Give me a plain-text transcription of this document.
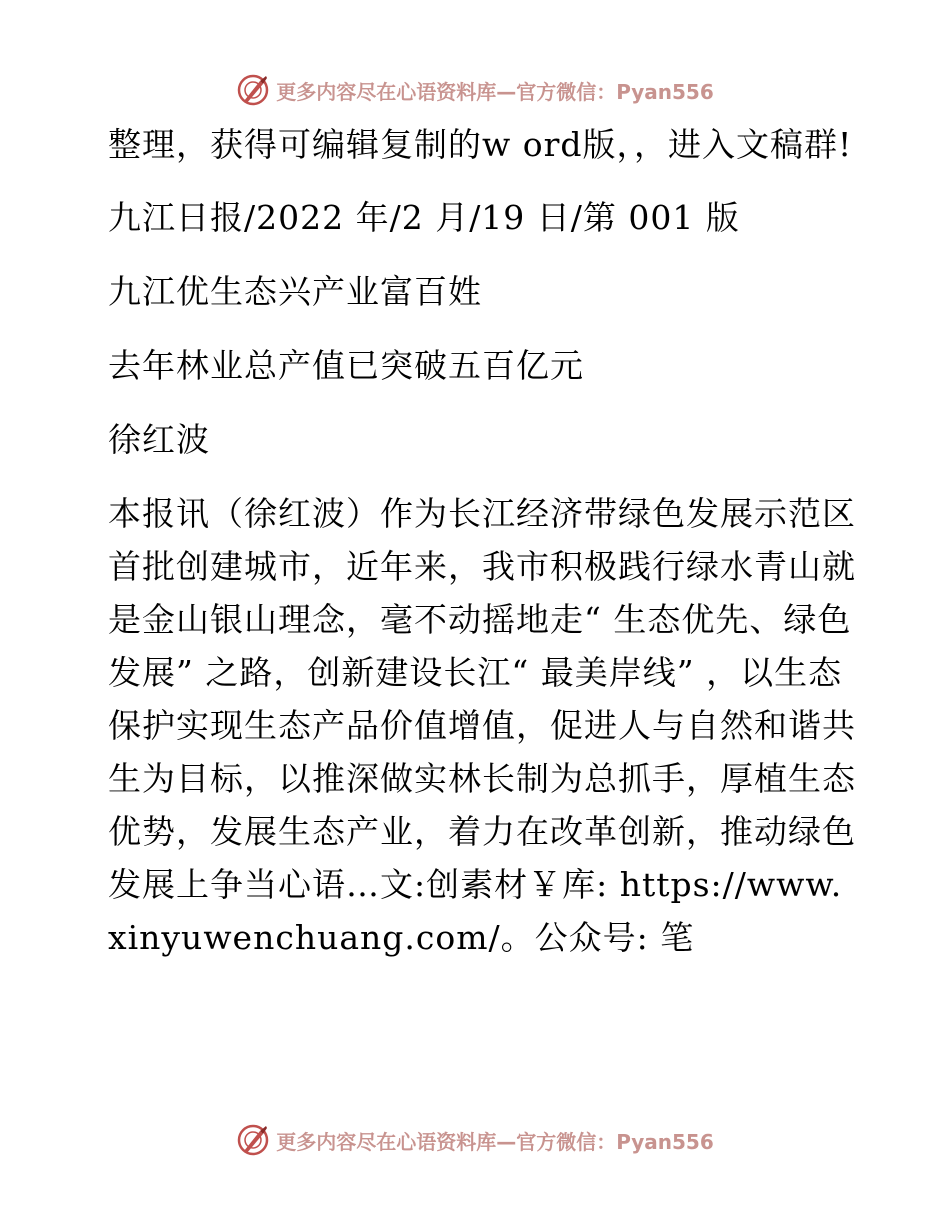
更多内容尽在心语资料库—官方微信：Pyan556

整理，获得可编辑复制的w ord版，，进入文稿群!

九江日报/2022 年/2 月/19 日/第 001 版

九江优生态兴产业富百姓

去年林业总产值已突破五百亿元

徐红波

本报讯（徐红波）作为长江经济带绿色发展示范区首批创建城市，近年来，我市积极践行绿水青山就是金山银山理念，毫不动摇地走“ 生态优先、绿色发展” 之路，创新建设长江“ 最美岸线” ，以生态保护实现生态产品价值增值，促进人与自然和谐共生为目标，以推深做实林长制为总抓手，厚植生态优势，发展生态产业，着力在改革创新，推动绿色发展上争当心语…文:创素材￥库: https://www.xinyuwenchuang.com/。公众号: 笔

更多内容尽在心语资料库—官方微信：Pyan556
